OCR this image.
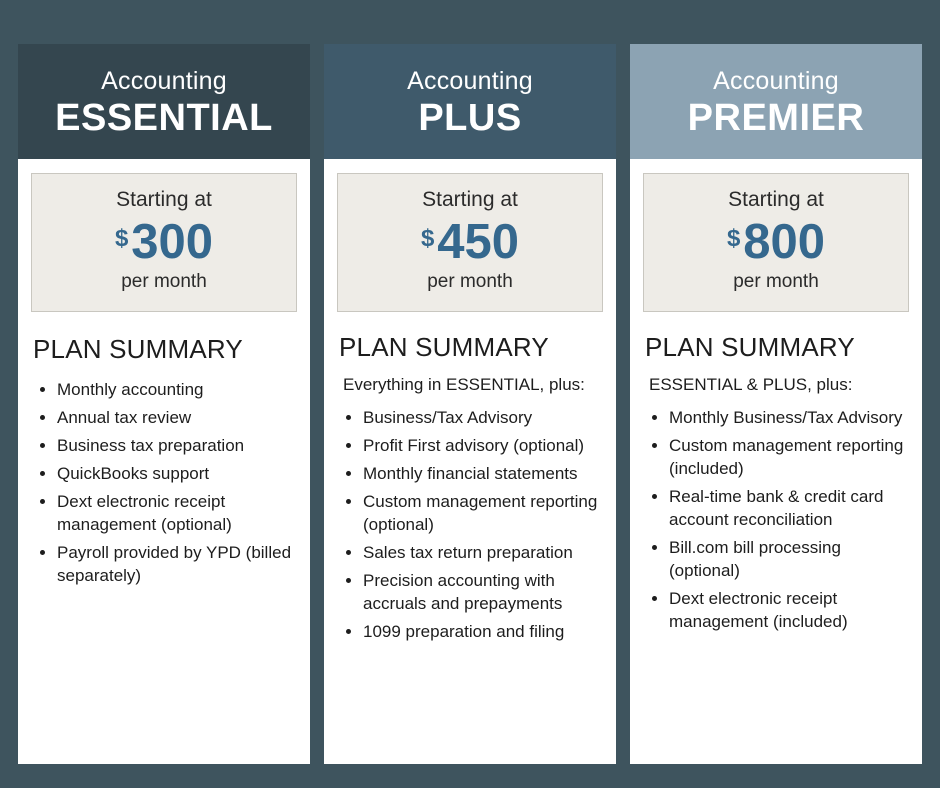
Accounting
ESSENTIAL
Starting at
$ 300
per month
PLAN SUMMARY
• Monthly accounting
• Annual tax review
• Business tax preparation
• QuickBooks support
• Dext electronic receipt management (optional)
• Payroll provided by YPD (billed separately)
Accounting
PLUS
Starting at
$ 450
per month
PLAN SUMMARY
Everything in ESSENTIAL, plus:
• Business/Tax Advisory
• Profit First advisory (optional)
• Monthly financial statements
• Custom management reporting (optional)
• Sales tax return preparation
• Precision accounting with accruals and prepayments
• 1099 preparation and filing
Accounting
PREMIER
Starting at
$ 800
per month
PLAN SUMMARY
ESSENTIAL & PLUS, plus:
• Monthly Business/Tax Advisory
• Custom management reporting (included)
• Real-time bank & credit card account reconciliation
• Bill.com bill processing (optional)
• Dext electronic receipt management (included)
